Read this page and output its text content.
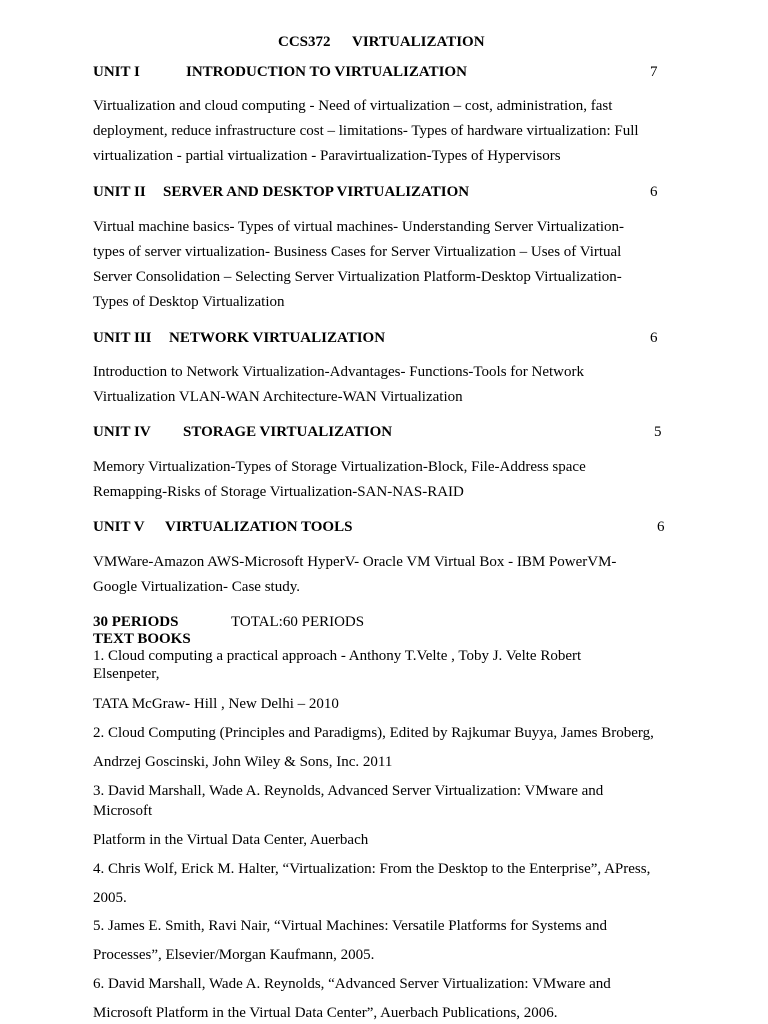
CCS372 VIRTUALIZATION
UNIT I	INTRODUCTION TO VIRTUALIZATION	7
Virtualization and cloud computing - Need of virtualization – cost, administration, fast
deployment, reduce infrastructure cost – limitations- Types of hardware virtualization: Full
virtualization - partial virtualization - Paravirtualization-Types of Hypervisors
UNIT II SERVER AND DESKTOP VIRTUALIZATION	6
Virtual machine basics- Types of virtual machines- Understanding Server Virtualization-
types of server virtualization- Business Cases for Server Virtualization – Uses of Virtual
Server Consolidation – Selecting Server Virtualization Platform-Desktop Virtualization-
Types of Desktop Virtualization
UNIT III NETWORK VIRTUALIZATION	6
Introduction to Network Virtualization-Advantages- Functions-Tools for Network
Virtualization VLAN-WAN Architecture-WAN Virtualization
UNIT IV STORAGE VIRTUALIZATION	5
Memory Virtualization-Types of Storage Virtualization-Block, File-Address space
Remapping-Risks of Storage Virtualization-SAN-NAS-RAID
UNIT V VIRTUALIZATION TOOLS	6
VMWare-Amazon AWS-Microsoft HyperV- Oracle VM Virtual Box - IBM PowerVM-
Google Virtualization- Case study.
30 PERIODS	TOTAL:60 PERIODS
TEXT BOOKS
1. Cloud computing a practical approach - Anthony T.Velte , Toby J. Velte Robert
Elsenpeter,
TATA McGraw- Hill , New Delhi – 2010
2. Cloud Computing (Principles and Paradigms), Edited by Rajkumar Buyya, James Broberg,
Andrzej Goscinski, John Wiley & Sons, Inc. 2011
3. David Marshall, Wade A. Reynolds, Advanced Server Virtualization: VMware and
Microsoft
Platform in the Virtual Data Center, Auerbach
4. Chris Wolf, Erick M. Halter, “Virtualization: From the Desktop to the Enterprise”, APress,
2005.
5. James E. Smith, Ravi Nair, “Virtual Machines: Versatile Platforms for Systems and
Processes”, Elsevier/Morgan Kaufmann, 2005.
6. David Marshall, Wade A. Reynolds, “Advanced Server Virtualization: VMware and
Microsoft Platform in the Virtual Data Center”, Auerbach Publications, 2006.
